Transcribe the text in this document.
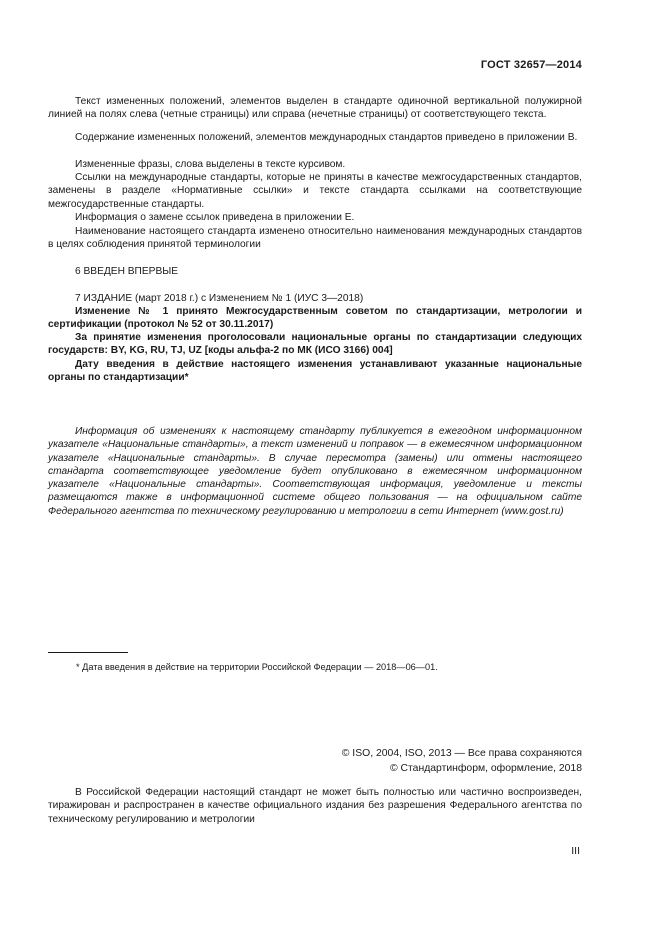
ГОСТ 32657—2014
Текст измененных положений, элементов выделен в стандарте одиночной вертикальной полужирной линией на полях слева (четные страницы) или справа (нечетные страницы) от соответствующего текста.
Содержание измененных положений, элементов международных стандартов приведено в приложении В.
Измененные фразы, слова выделены в тексте курсивом.
Ссылки на международные стандарты, которые не приняты в качестве межгосударственных стандартов, заменены в разделе «Нормативные ссылки» и тексте стандарта ссылками на соответствующие межгосударственные стандарты.
Информация о замене ссылок приведена в приложении Е.
Наименование настоящего стандарта изменено относительно наименования международных стандартов в целях соблюдения принятой терминологии
6 ВВЕДЕН ВПЕРВЫЕ
7 ИЗДАНИЕ (март 2018 г.) с Изменением № 1 (ИУС 3—2018)
Изменение № 1 принято Межгосударственным советом по стандартизации, метрологии и сертификации (протокол № 52 от 30.11.2017)
За принятие изменения проголосовали национальные органы по стандартизации следующих государств: BY, KG, RU, TJ, UZ [коды альфа-2 по МК (ИСО 3166) 004]
Дату введения в действие настоящего изменения устанавливают указанные национальные органы по стандартизации*
Информация об изменениях к настоящему стандарту публикуется в ежегодном информационном указателе «Национальные стандарты», а текст изменений и поправок — в ежемесячном информационном указателе «Национальные стандарты». В случае пересмотра (замены) или отмены настоящего стандарта соответствующее уведомление будет опубликовано в ежемесячном информационном указателе «Национальные стандарты». Соответствующая информация, уведомление и тексты размещаются также в информационной системе общего пользования — на официальном сайте Федерального агентства по техническому регулированию и метрологии в сети Интернет (www.gost.ru)
* Дата введения в действие на территории Российской Федерации — 2018—06—01.
© ISO, 2004, ISO, 2013 — Все права сохраняются
© Стандартинформ, оформление, 2018
В Российской Федерации настоящий стандарт не может быть полностью или частично воспроизведен, тиражирован и распространен в качестве официального издания без разрешения Федерального агентства по техническому регулированию и метрологии
III
